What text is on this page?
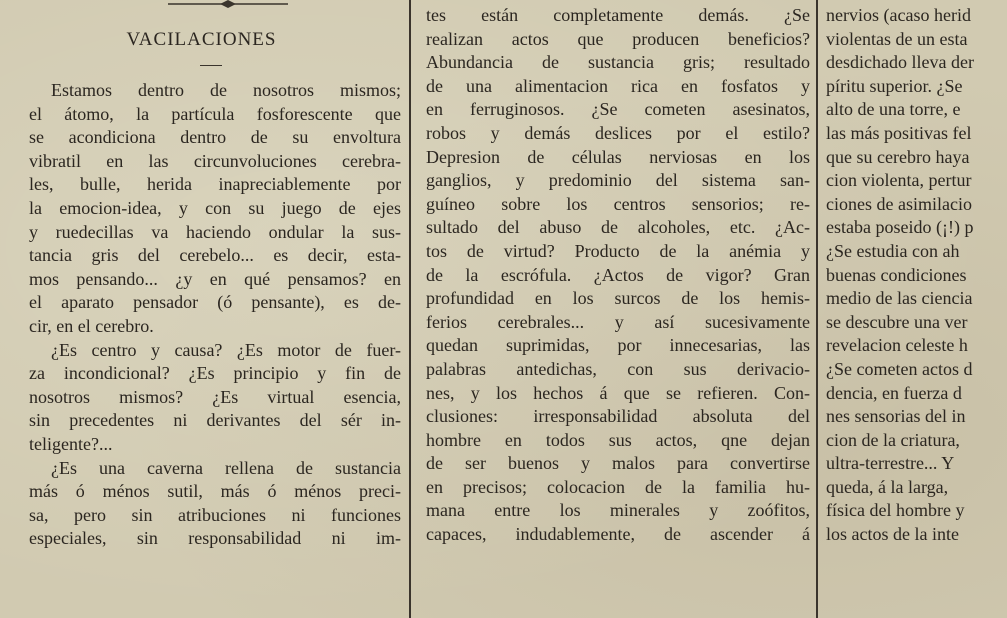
VACILACIONES
Estamos dentro de nosotros mismos;
el átomo, la partícula fosforescente que
se acondiciona dentro de su envoltura
vibratil en las circunvoluciones cerebra-
les, bulle, herida inapreciablemente por
la emocion-idea, y con su juego de ejes
y ruedecillas va haciendo ondular la sus-
tancia gris del cerebelo... es decir, esta-
mos pensando... ¿y en qué pensamos? en
el aparato pensador (ó pensante), es de-
cir, en el cerebro.
¿Es centro y causa? ¿Es motor de fuer-
za incondicional? ¿Es principio y fin de
nosotros mismos? ¿Es virtual esencia,
sin precedentes ni derivantes del sér in-
teligente?...
¿Es una caverna rellena de sustancia
más ó ménos sutil, más ó ménos preci-
sa, pero sin atribuciones ni funciones
especiales, sin responsabilidad ni im-
tes están completamente demás. ¿Se
realizan actos que producen beneficios?
Abundancia de sustancia gris; resultado
de una alimentacion rica en fosfatos y
en ferruginosos. ¿Se cometen asesinatos,
robos y demás deslices por el estilo?
Depresion de células nerviosas en los
ganglios, y predominio del sistema san-
guíneo sobre los centros sensorios; re-
sultado del abuso de alcoholes, etc. ¿Ac-
tos de virtud? Producto de la anémia y
de la escrófula. ¿Actos de vigor? Gran
profundidad en los surcos de los hemis-
ferios cerebrales... y así sucesivamente
quedan suprimidas, por innecesarias, las
palabras antedichas, con sus derivacio-
nes, y los hechos á que se refieren. Con-
clusiones: irresponsabilidad absoluta del
hombre en todos sus actos, qne dejan
de ser buenos y malos para convertirse
en precisos; colocacion de la familia hu-
mana entre los minerales y zoófitos,
capaces, indudablemente, de ascender á
nervios (acaso herid
violentas de un esta
desdichado lleva der
píritu superior. ¿Se
alto de una torre, e
las más positivas fel
que su cerebro haya
cion violenta, pertur
ciones de asimilacio
estaba poseido (¡!) p
¿Se estudia con ah
buenas condiciones
medio de las ciencia
se descubre una ver
revelacion celeste h
¿Se cometen actos d
dencia, en fuerza d
nes sensorias del in
cion de la criatura,
ultra-terrestre... Y
queda, á la larga,
física del hombre y
los actos de la inte
